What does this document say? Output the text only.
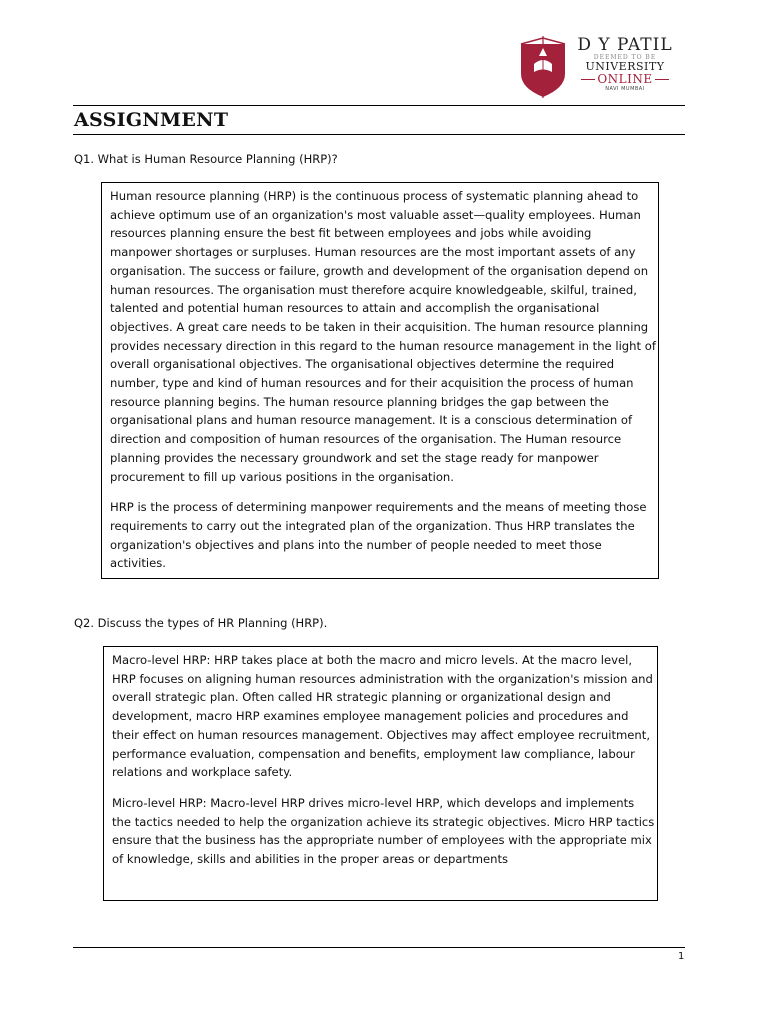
D Y PATIL
DEEMED TO BE
UNIVERSITY
ONLINE
NAVI MUMBAI
ASSIGNMENT
Q1. What is Human Resource Planning (HRP)?

Human resource planning (HRP) is the continuous process of systematic planning ahead to

achieve optimum use of an organization's most valuable asset—quality employees. Human

resources planning ensure the best fit between employees and jobs while avoiding

manpower shortages or surpluses. Human resources are the most important assets of any

organisation. The success or failure, growth and development of the organisation depend on

human resources. The organisation must therefore acquire knowledgeable, skilful, trained,

talented and potential human resources to attain and accomplish the organisational

objectives. A great care needs to be taken in their acquisition. The human resource planning

provides necessary direction in this regard to the human resource management in the light of

overall organisational objectives. The organisational objectives determine the required

number, type and kind of human resources and for their acquisition the process of human

resource planning begins. The human resource planning bridges the gap between the

organisational plans and human resource management. It is a conscious determination of

direction and composition of human resources of the organisation. The Human resource

planning provides the necessary groundwork and set the stage ready for manpower

procurement to fill up various positions in the organisation.

HRP is the process of determining manpower requirements and the means of meeting those

requirements to carry out the integrated plan of the organization. Thus HRP translates the

organization's objectives and plans into the number of people needed to meet those

activities.

Q2. Discuss the types of HR Planning (HRP).

Macro-level HRP: HRP takes place at both the macro and micro levels. At the macro level,

HRP focuses on aligning human resources administration with the organization's mission and

overall strategic plan. Often called HR strategic planning or organizational design and

development, macro HRP examines employee management policies and procedures and

their effect on human resources management. Objectives may affect employee recruitment,

performance evaluation, compensation and benefits, employment law compliance, labour

relations and workplace safety.

Micro-level HRP: Macro-level HRP drives micro-level HRP, which develops and implements

the tactics needed to help the organization achieve its strategic objectives. Micro HRP tactics

ensure that the business has the appropriate number of employees with the appropriate mix

of knowledge, skills and abilities in the proper areas or departments

1
